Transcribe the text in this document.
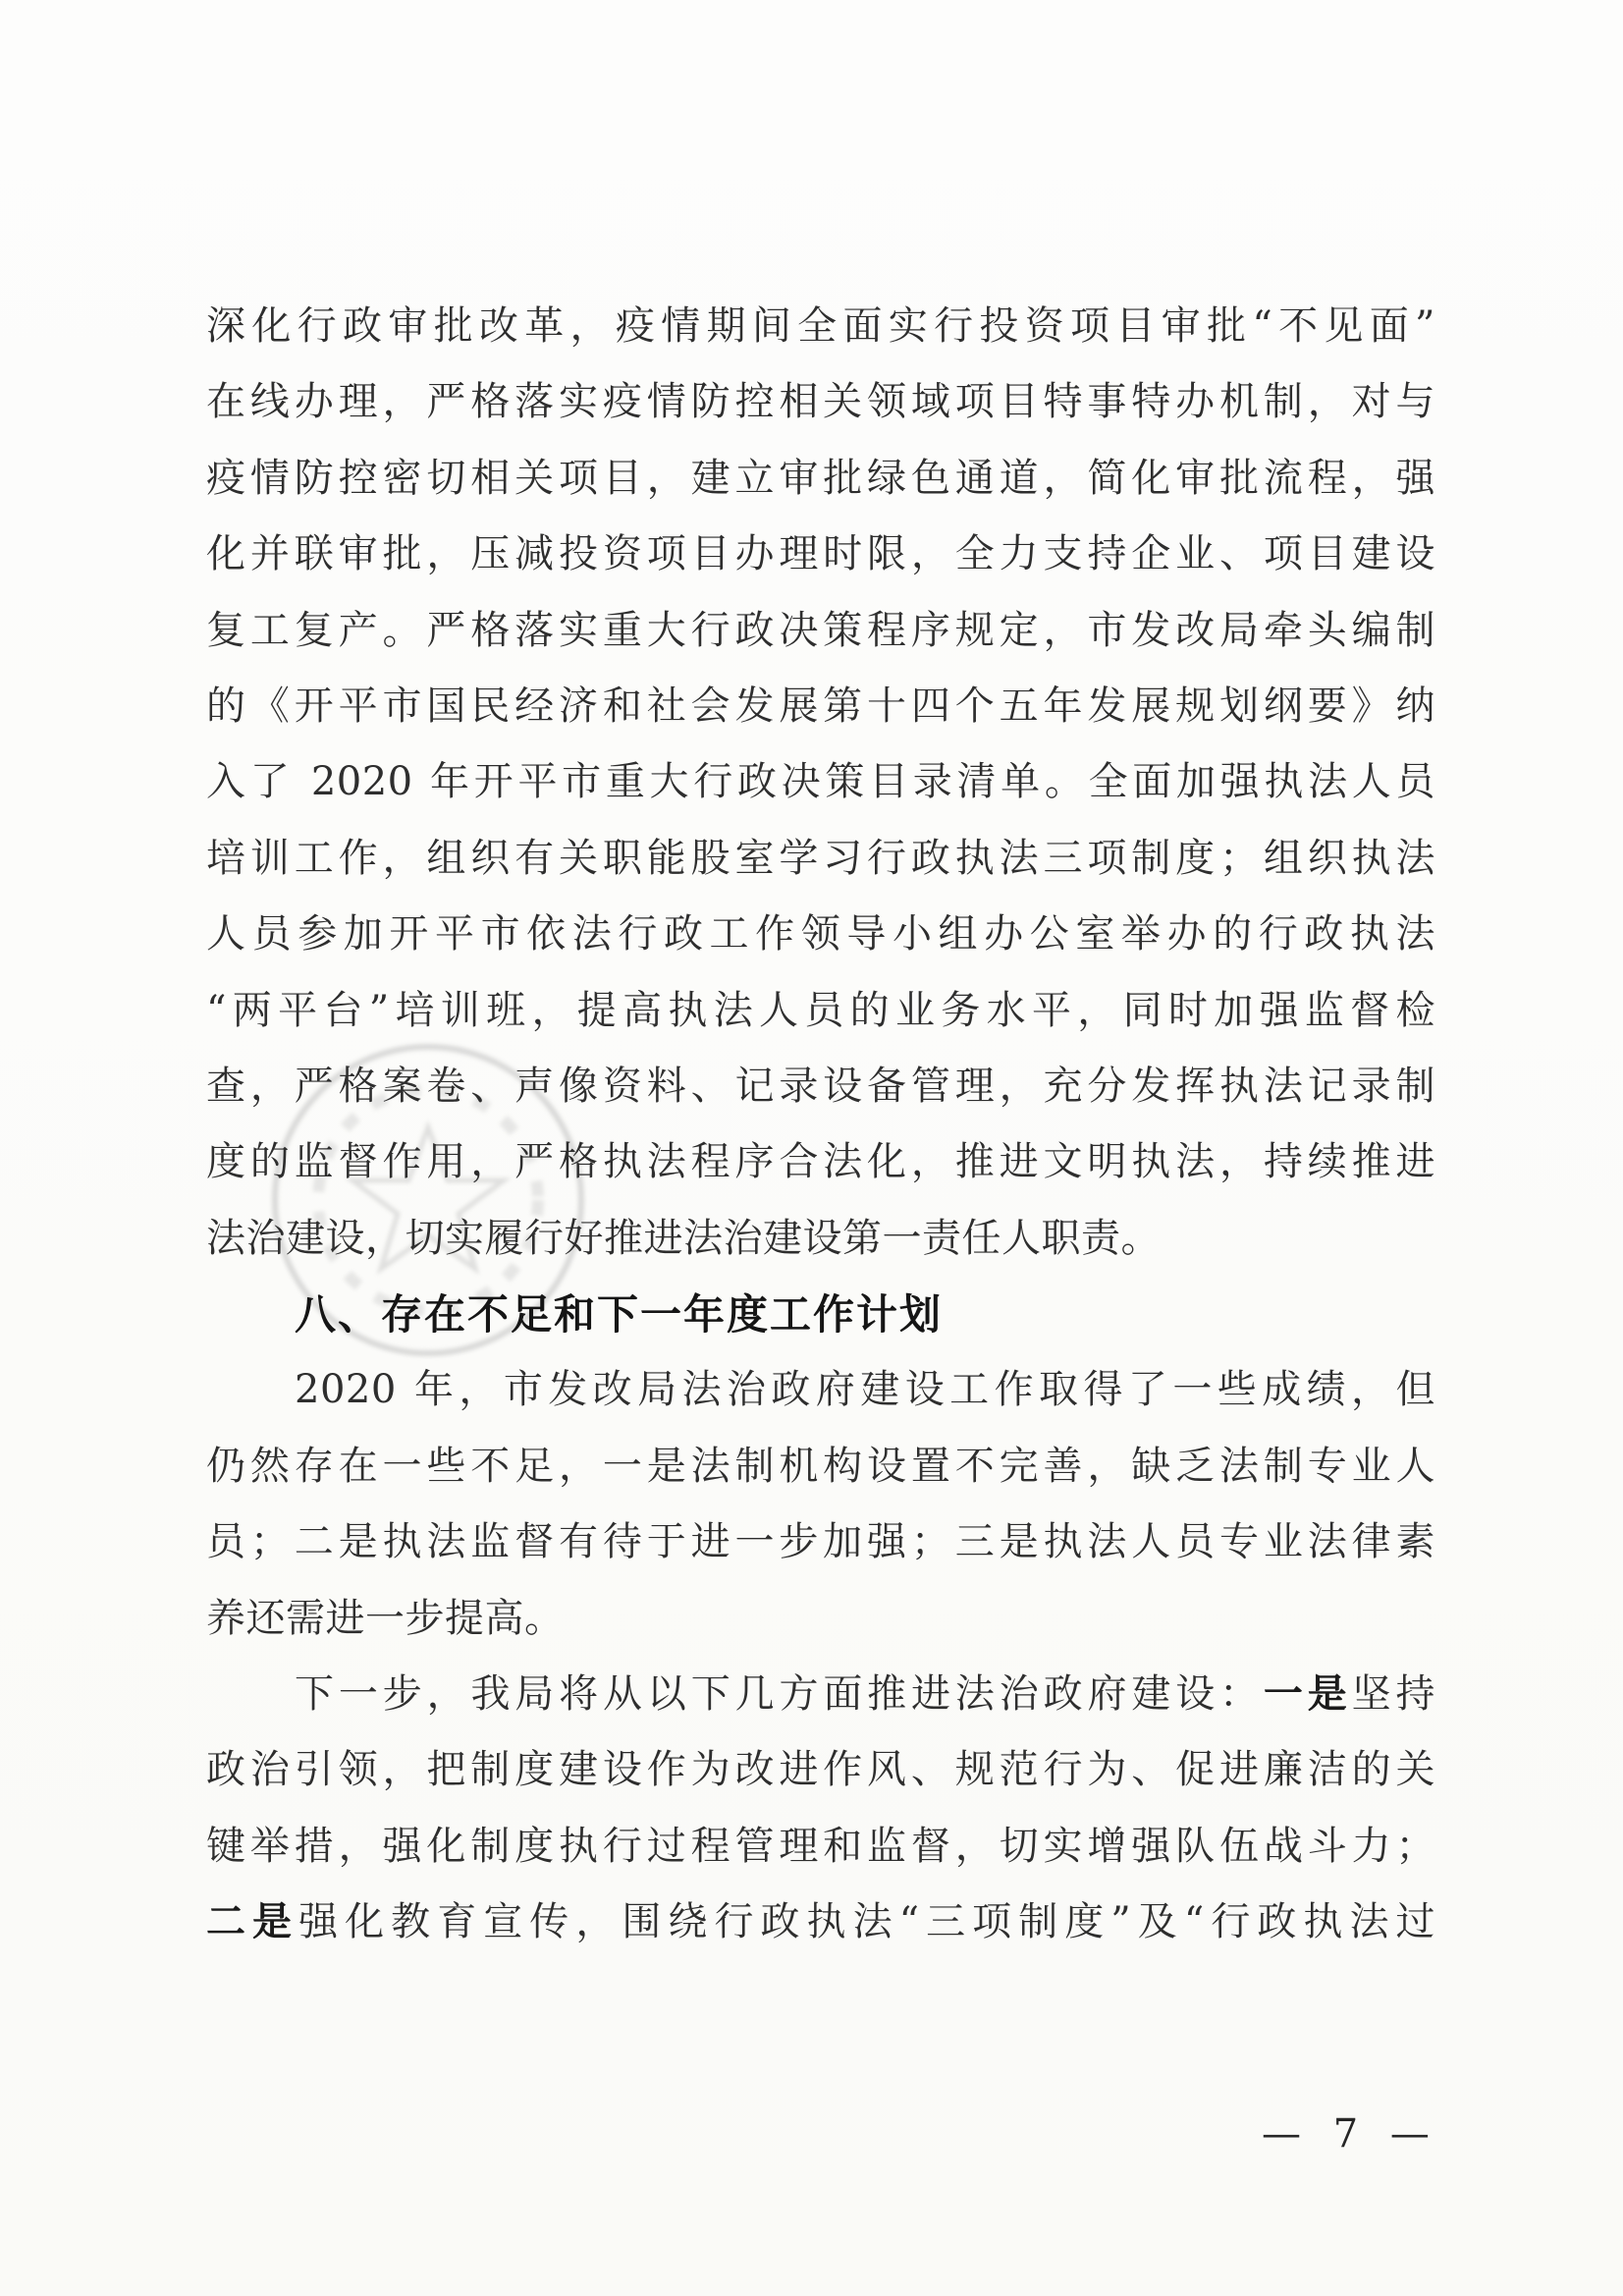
深化行政审批改革，疫情期间全面实行投资项目审批“不见面”
在线办理，严格落实疫情防控相关领域项目特事特办机制，对与
疫情防控密切相关项目，建立审批绿色通道，简化审批流程，强
化并联审批，压减投资项目办理时限，全力支持企业、项目建设
复工复产。严格落实重大行政决策程序规定，市发改局牵头编制
的《开平市国民经济和社会发展第十四个五年发展规划纲要》纳
入了 2020 年开平市重大行政决策目录清单。全面加强执法人员
培训工作，组织有关职能股室学习行政执法三项制度；组织执法
人员参加开平市依法行政工作领导小组办公室举办的行政执法
“两平台”培训班，提高执法人员的业务水平，同时加强监督检
查，严格案卷、声像资料、记录设备管理，充分发挥执法记录制
度的监督作用，严格执法程序合法化，推进文明执法，持续推进
法治建设，切实履行好推进法治建设第一责任人职责。
八、存在不足和下一年度工作计划
2020 年，市发改局法治政府建设工作取得了一些成绩，但
仍然存在一些不足，一是法制机构设置不完善，缺乏法制专业人
员；二是执法监督有待于进一步加强；三是执法人员专业法律素
养还需进一步提高。
下一步，我局将从以下几方面推进法治政府建设：一是坚持
政治引领，把制度建设作为改进作风、规范行为、促进廉洁的关
键举措，强化制度执行过程管理和监督，切实增强队伍战斗力；
二是强化教育宣传，围绕行政执法“三项制度”及“行政执法过
— 7 —
